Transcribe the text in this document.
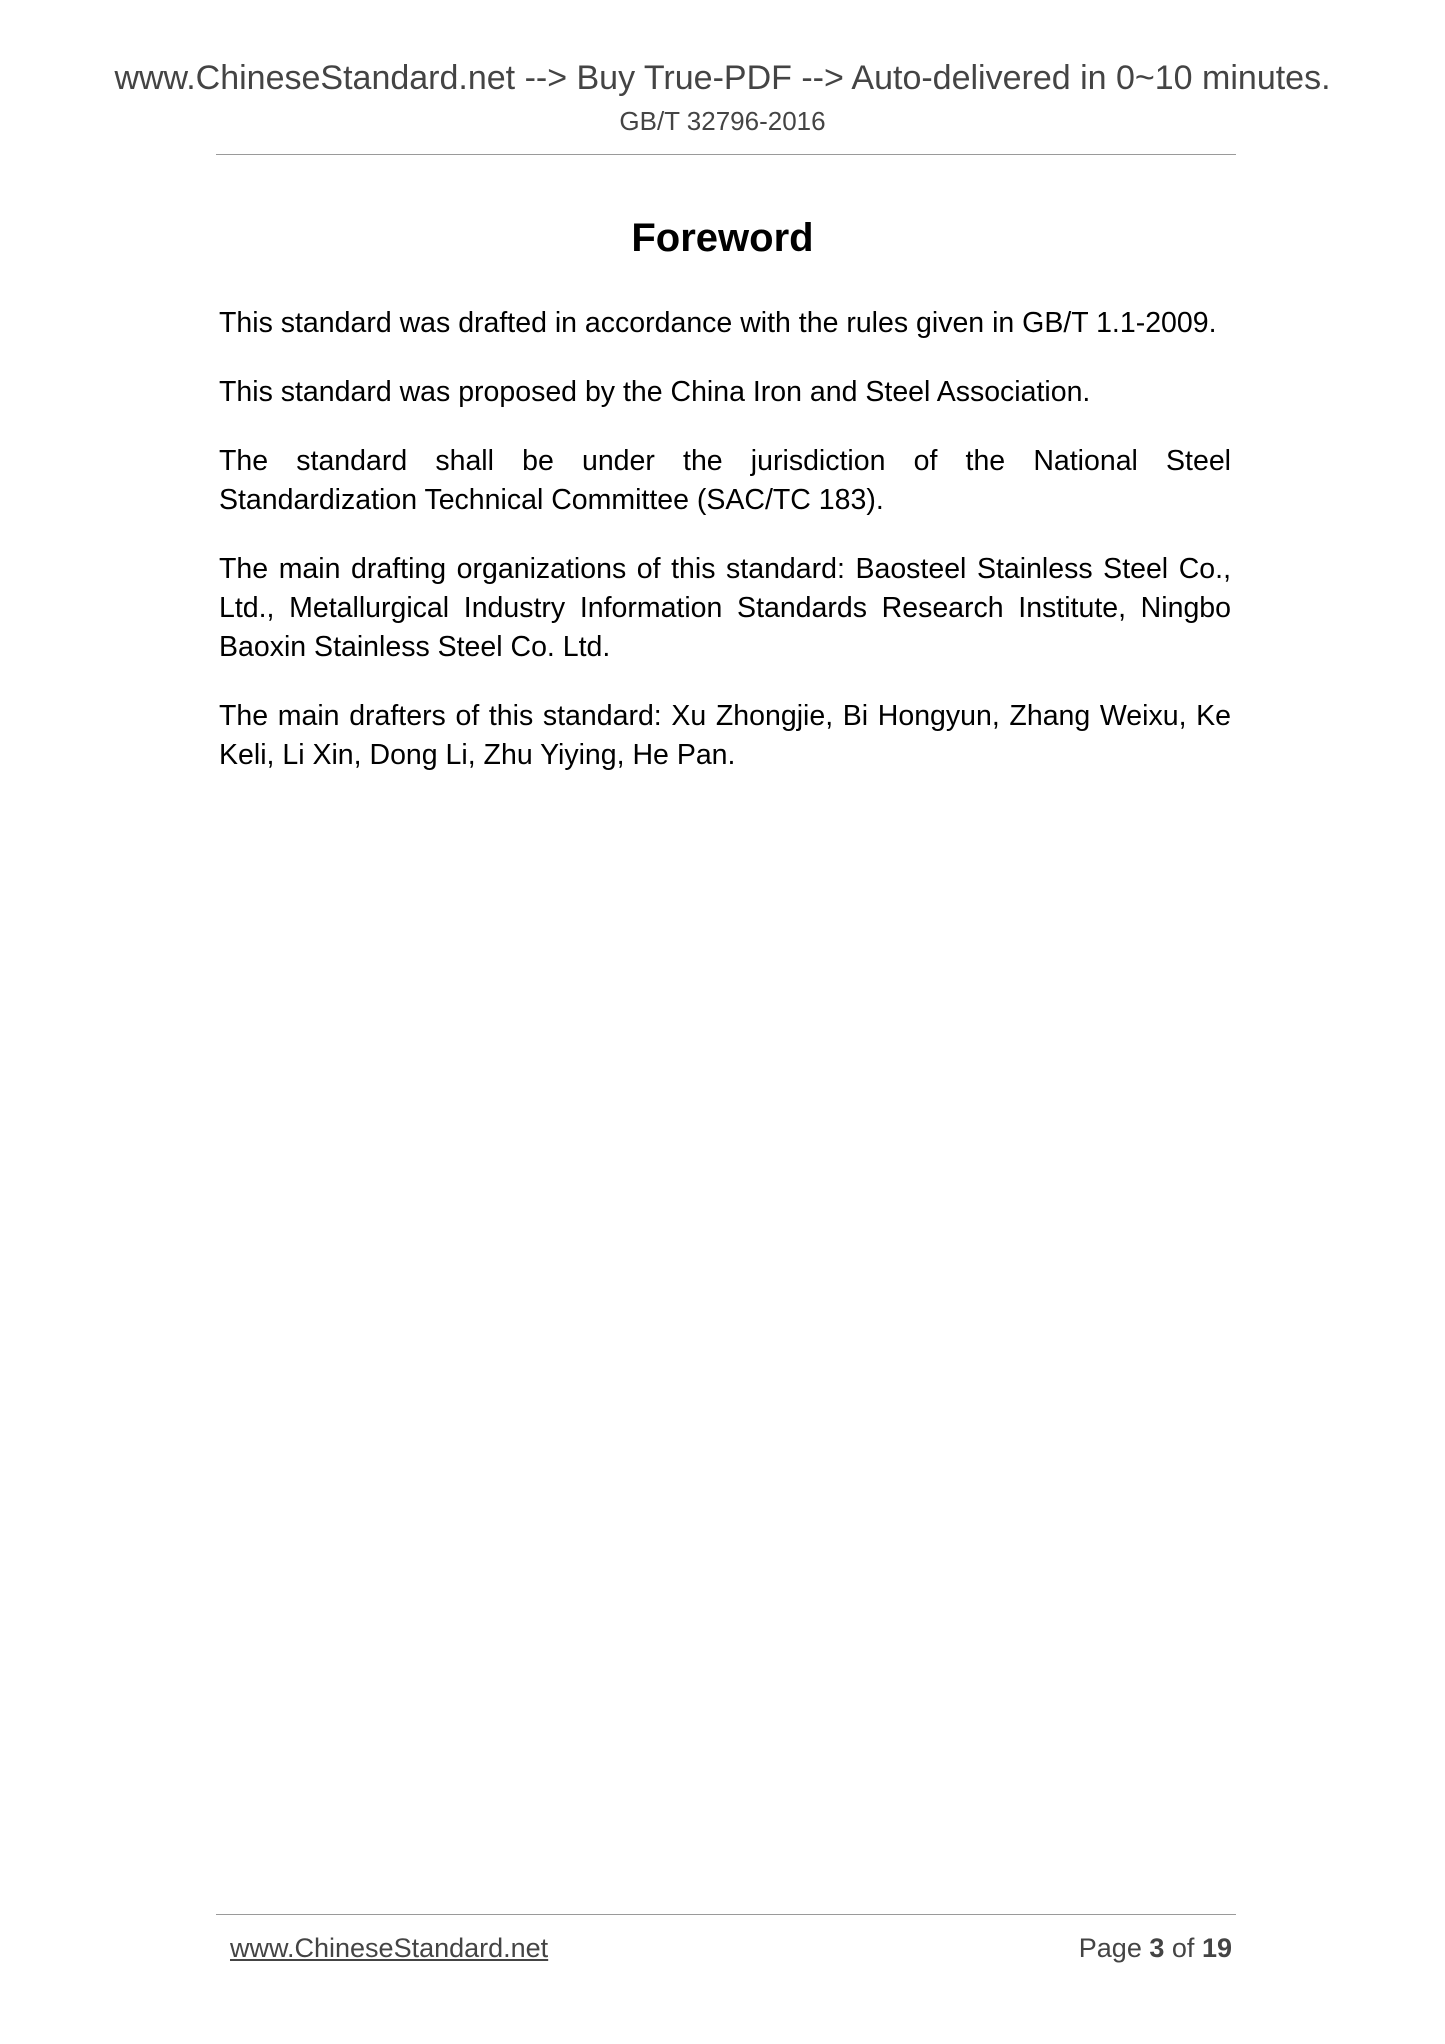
www.ChineseStandard.net --> Buy True-PDF --> Auto-delivered in 0~10 minutes.
GB/T 32796-2016
Foreword

This standard was drafted in accordance with the rules given in GB/T 1.1-2009.

This standard was proposed by the China Iron and Steel Association.

The standard shall be under the jurisdiction of the National Steel Standardization Technical Committee (SAC/TC 183).

The main drafting organizations of this standard: Baosteel Stainless Steel Co., Ltd., Metallurgical Industry Information Standards Research Institute, Ningbo Baoxin Stainless Steel Co. Ltd.

The main drafters of this standard: Xu Zhongjie, Bi Hongyun, Zhang Weixu, Ke Keli, Li Xin, Dong Li, Zhu Yiying, He Pan.

www.ChineseStandard.net	Page 3 of 19
